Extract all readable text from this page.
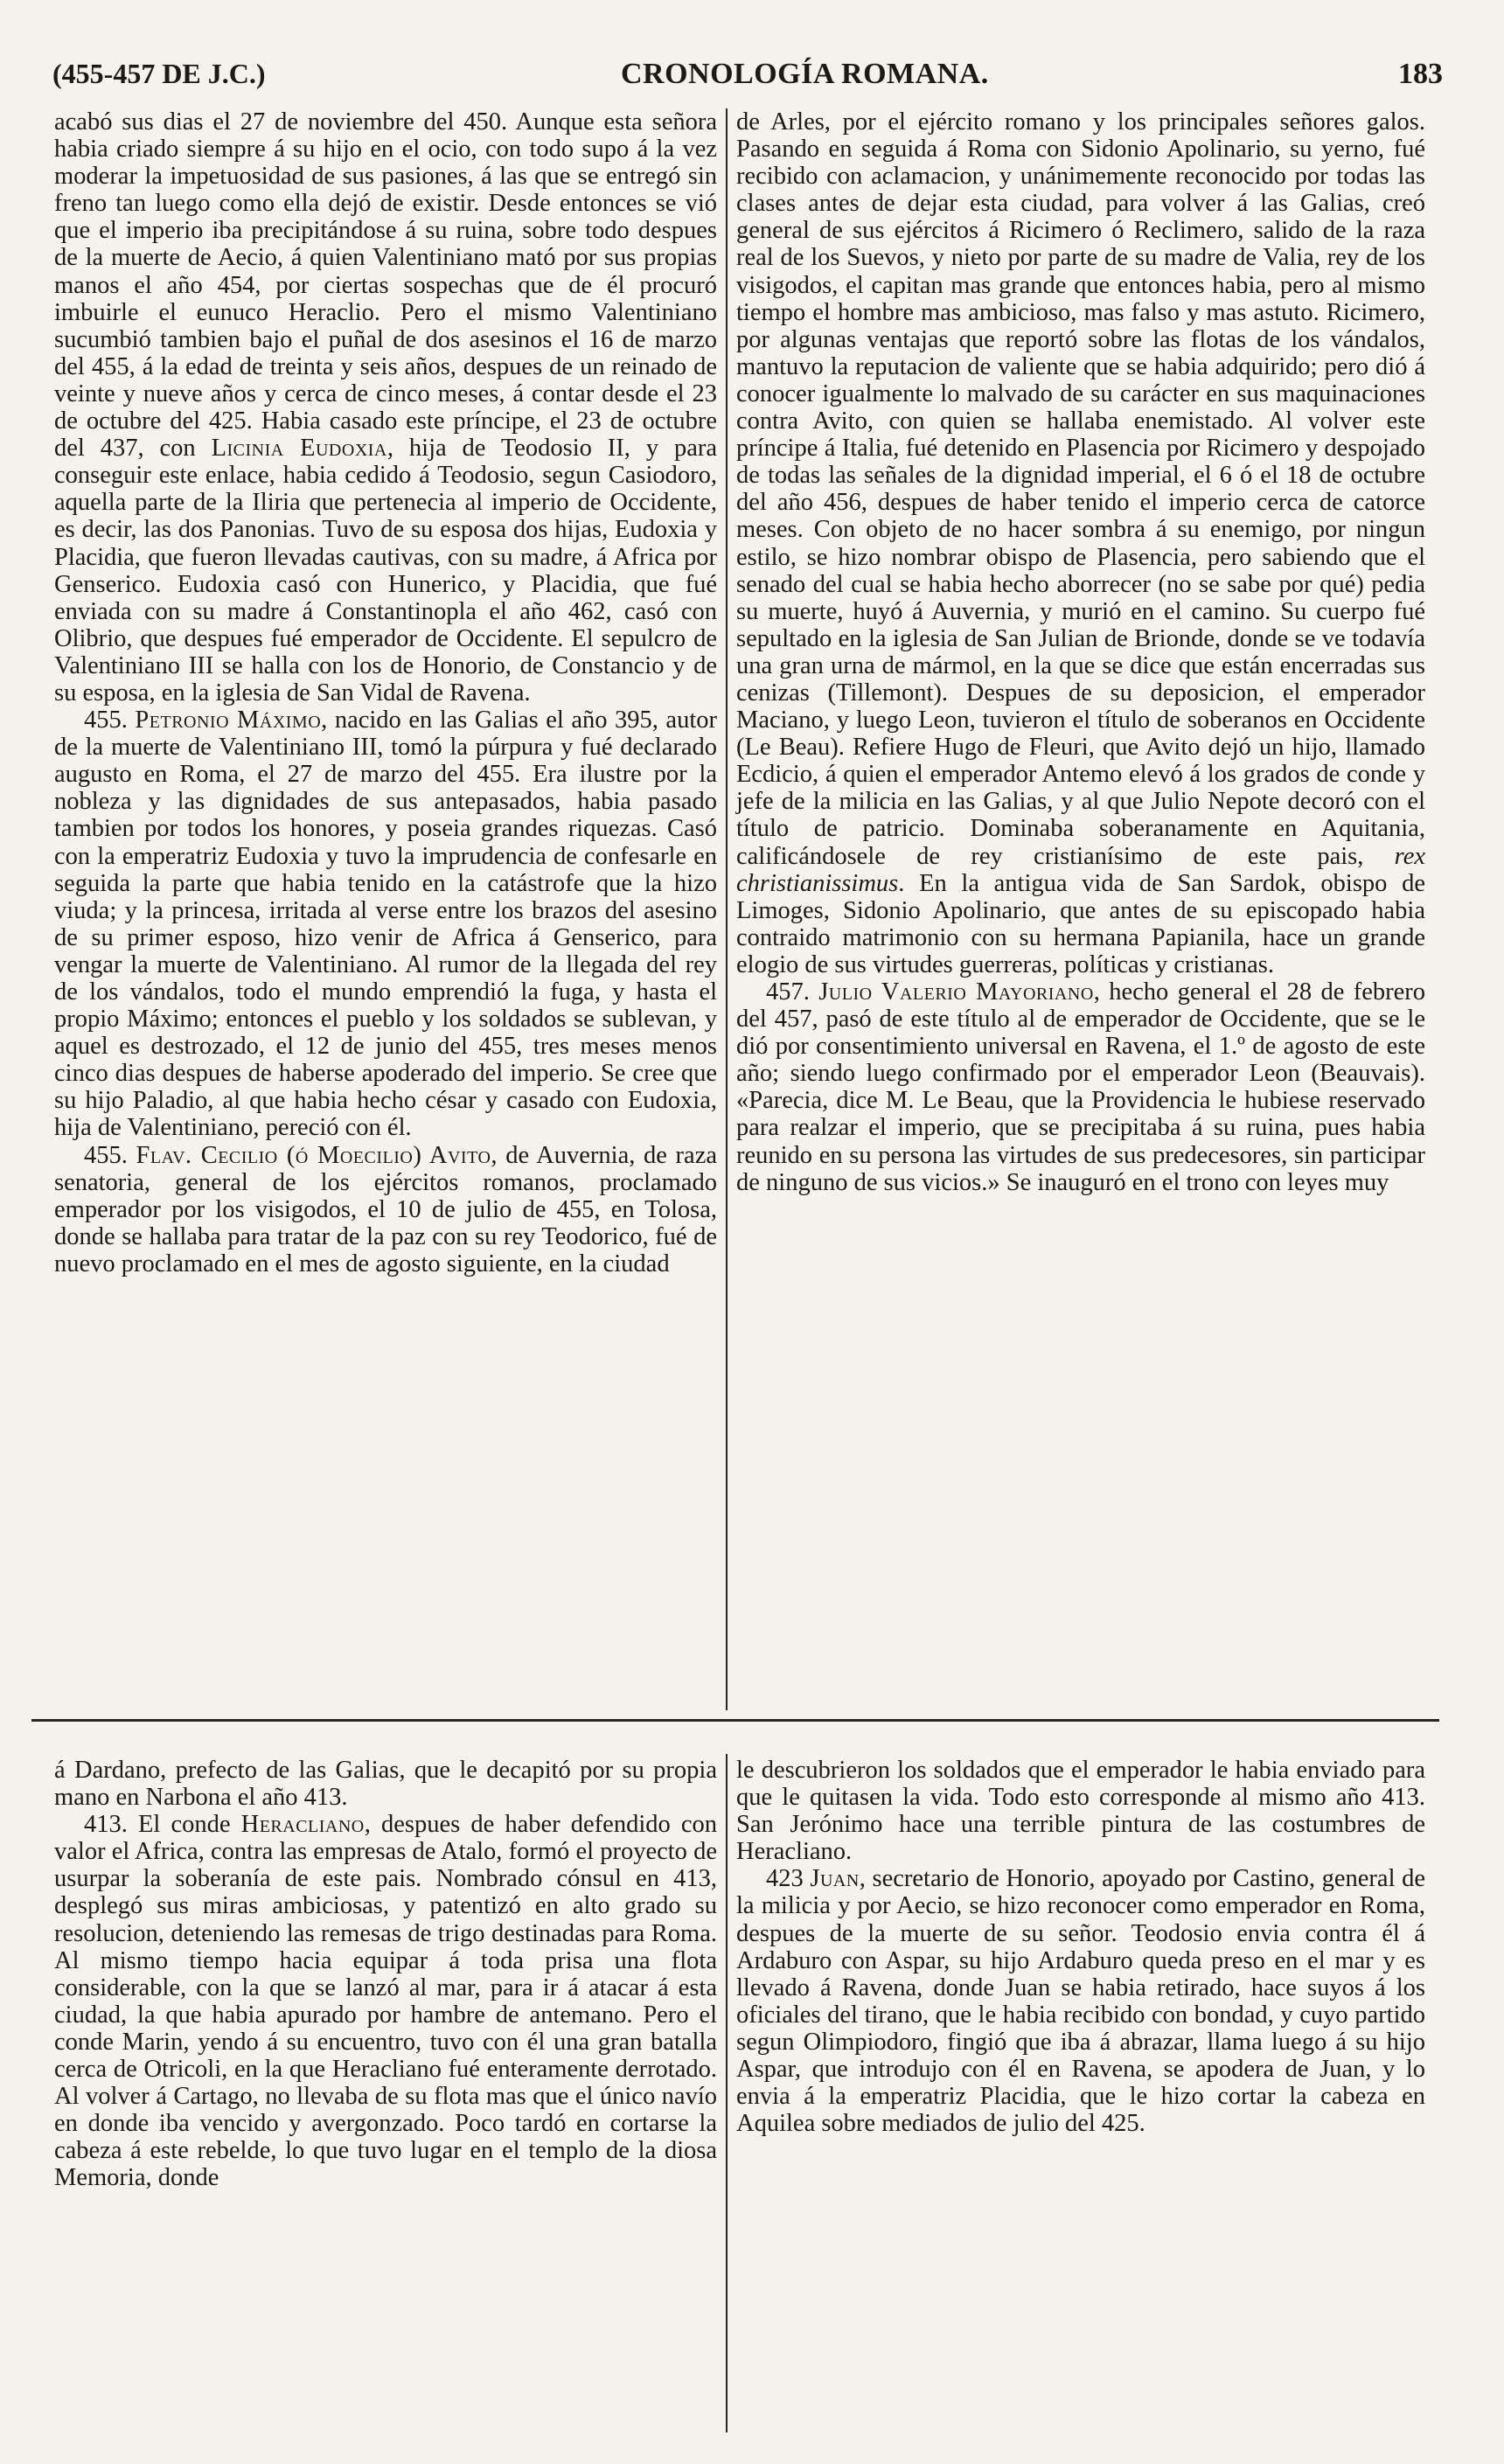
(455-457 DE J.C.)	CRONOLOGÍA ROMANA.	183

acabó sus dias el 27 de noviembre del 450. Aunque esta señora habia criado siempre á su hijo en el ocio, con todo supo á la vez moderar la impetuosidad de sus pasiones, á las que se entregó sin freno tan luego como ella dejó de existir. Desde entonces se vió que el imperio iba precipitándose á su ruina, sobre todo despues de la muerte de Aecio, á quien Valentiniano mató por sus propias manos el año 454, por ciertas sospechas que de él procuró imbuirle el eunuco Heraclio. Pero el mismo Valentiniano sucumbió tambien bajo el puñal de dos asesinos el 16 de marzo del 455, á la edad de treinta y seis años, despues de un reinado de veinte y nueve años y cerca de cinco meses, á contar desde el 23 de octubre del 425. Habia casado este príncipe, el 23 de octubre del 437, con Licinia Eudoxia, hija de Teodosio II, y para conseguir este enlace, habia cedido á Teodosio, segun Casiodoro, aquella parte de la Iliria que pertenecia al imperio de Occidente, es decir, las dos Panonias. Tuvo de su esposa dos hijas, Eudoxia y Placidia, que fueron llevadas cautivas, con su madre, á Africa por Genserico. Eudoxia casó con Hunerico, y Placidia, que fué enviada con su madre á Constantinopla el año 462, casó con Olibrio, que despues fué emperador de Occidente. El sepulcro de Valentiniano III se halla con los de Honorio, de Constancio y de su esposa, en la iglesia de San Vidal de Ravena.

455. Petronio Máximo, nacido en las Galias el año 395, autor de la muerte de Valentiniano III, tomó la púrpura y fué declarado augusto en Roma, el 27 de marzo del 455. Era ilustre por la nobleza y las dignidades de sus antepasados, habia pasado tambien por todos los honores, y poseia grandes riquezas. Casó con la emperatriz Eudoxia y tuvo la imprudencia de confesarle en seguida la parte que habia tenido en la catástrofe que la hizo viuda; y la princesa, irritada al verse entre los brazos del asesino de su primer esposo, hizo venir de Africa á Genserico, para vengar la muerte de Valentiniano. Al rumor de la llegada del rey de los vándalos, todo el mundo emprendió la fuga, y hasta el propio Máximo; entonces el pueblo y los soldados se sublevan, y aquel es destrozado, el 12 de junio del 455, tres meses menos cinco dias despues de haberse apoderado del imperio. Se cree que su hijo Paladio, al que habia hecho césar y casado con Eudoxia, hija de Valentiniano, pereció con él.

455. Flav. Cecilio (ó Moecilio) Avito, de Auvernia, de raza senatoria, general de los ejércitos romanos, proclamado emperador por los visigodos, el 10 de julio de 455, en Tolosa, donde se hallaba para tratar de la paz con su rey Teodorico, fué de nuevo proclamado en el mes de agosto siguiente, en la ciudad

de Arles, por el ejército romano y los principales señores galos. Pasando en seguida á Roma con Sidonio Apolinario, su yerno, fué recibido con aclamacion, y unánimemente reconocido por todas las clases antes de dejar esta ciudad, para volver á las Galias, creó general de sus ejércitos á Ricimero ó Reclimero, salido de la raza real de los Suevos, y nieto por parte de su madre de Valia, rey de los visigodos, el capitan mas grande que entonces habia, pero al mismo tiempo el hombre mas ambicioso, mas falso y mas astuto. Ricimero, por algunas ventajas que reportó sobre las flotas de los vándalos, mantuvo la reputacion de valiente que se habia adquirido; pero dió á conocer igualmente lo malvado de su carácter en sus maquinaciones contra Avito, con quien se hallaba enemistado. Al volver este príncipe á Italia, fué detenido en Plasencia por Ricimero y despojado de todas las señales de la dignidad imperial, el 6 ó el 18 de octubre del año 456, despues de haber tenido el imperio cerca de catorce meses. Con objeto de no hacer sombra á su enemigo, por ningun estilo, se hizo nombrar obispo de Plasencia, pero sabiendo que el senado del cual se habia hecho aborrecer (no se sabe por qué) pedia su muerte, huyó á Auvernia, y murió en el camino. Su cuerpo fué sepultado en la iglesia de San Julian de Brionde, donde se ve todavía una gran urna de mármol, en la que se dice que están encerradas sus cenizas (Tillemont). Despues de su deposicion, el emperador Maciano, y luego Leon, tuvieron el título de soberanos en Occidente (Le Beau). Refiere Hugo de Fleuri, que Avito dejó un hijo, llamado Ecdicio, á quien el emperador Antemo elevó á los grados de conde y jefe de la milicia en las Galias, y al que Julio Nepote decoró con el título de patricio. Dominaba soberanamente en Aquitania, calificándosele de rey cristianísimo de este pais, rex christianissimus. En la antigua vida de San Sardok, obispo de Limoges, Sidonio Apolinario, que antes de su episcopado habia contraido matrimonio con su hermana Papianila, hace un grande elogio de sus virtudes guerreras, políticas y cristianas.

457. Julio Valerio Mayoriano, hecho general el 28 de febrero del 457, pasó de este título al de emperador de Occidente, que se le dió por consentimiento universal en Ravena, el 1.º de agosto de este año; siendo luego confirmado por el emperador Leon (Beauvais). «Parecia, dice M. Le Beau, que la Providencia le hubiese reservado para realzar el imperio, que se precipitaba á su ruina, pues habia reunido en su persona las virtudes de sus predecesores, sin participar de ninguno de sus vicios.» Se inauguró en el trono con leyes muy

á Dardano, prefecto de las Galias, que le decapitó por su propia mano en Narbona el año 413.

413. El conde Heracliano, despues de haber defendido con valor el Africa, contra las empresas de Atalo, formó el proyecto de usurpar la soberanía de este pais. Nombrado cónsul en 413, desplegó sus miras ambiciosas, y patentizó en alto grado su resolucion, deteniendo las remesas de trigo destinadas para Roma. Al mismo tiempo hacia equipar á toda prisa una flota considerable, con la que se lanzó al mar, para ir á atacar á esta ciudad, la que habia apurado por hambre de antemano. Pero el conde Marin, yendo á su encuentro, tuvo con él una gran batalla cerca de Otricoli, en la que Heracliano fué enteramente derrotado. Al volver á Cartago, no llevaba de su flota mas que el único navío en donde iba vencido y avergonzado. Poco tardó en cortarse la cabeza á este rebelde, lo que tuvo lugar en el templo de la diosa Memoria, donde

le descubrieron los soldados que el emperador le habia enviado para que le quitasen la vida. Todo esto corresponde al mismo año 413. San Jerónimo hace una terrible pintura de las costumbres de Heracliano.

423 Juan, secretario de Honorio, apoyado por Castino, general de la milicia y por Aecio, se hizo reconocer como emperador en Roma, despues de la muerte de su señor. Teodosio envia contra él á Ardaburo con Aspar, su hijo Ardaburo queda preso en el mar y es llevado á Ravena, donde Juan se habia retirado, hace suyos á los oficiales del tirano, que le habia recibido con bondad, y cuyo partido segun Olimpiodoro, fingió que iba á abrazar, llama luego á su hijo Aspar, que introdujo con él en Ravena, se apodera de Juan, y lo envia á la emperatriz Placidia, que le hizo cortar la cabeza en Aquilea sobre mediados de julio del 425.
